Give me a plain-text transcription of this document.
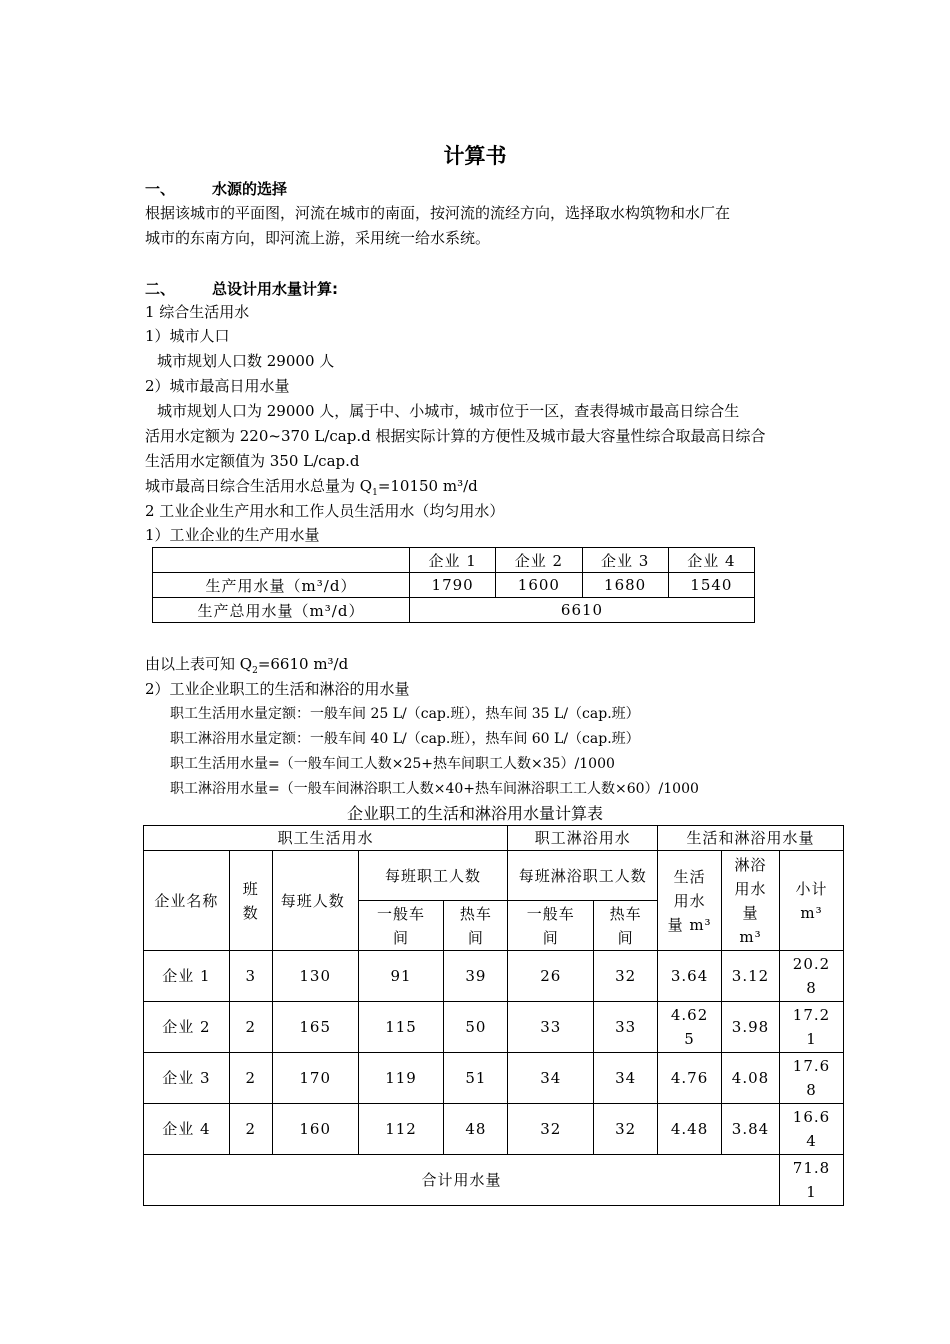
计算书
一、 水源的选择
根据该城市的平面图，河流在城市的南面，按河流的流经方向，选择取水构筑物和水厂在
城市的东南方向，即河流上游，采用统一给水系统。
二、 总设计用水量计算:
1 综合生活用水
1）城市人口
城市规划人口数 29000 人
2）城市最高日用水量
城市规划人口为 29000 人，属于中、小城市，城市位于一区，查表得城市最高日综合生
活用水定额为 220~370 L/cap.d 根据实际计算的方便性及城市最大容量性综合取最高日综合
生活用水定额值为 350 L/cap.d
城市最高日综合生活用水总量为 $Q_1=10150$ m³/d
2 工业企业生产用水和工作人员生活用水（均匀用水）
1）工业企业的生产用水量
	企业 1	企业 2	企业 3	企业 4
生产用水量（m³/d）	1790	1600	1680	1540
生产总用水量（m³/d）	6610			
由以上表可知 $Q_2=6610$ m³/d
2）工业企业职工的生活和淋浴的用水量
职工生活用水量定额：一般车间 25 L/（cap.班），热车间 35 L/（cap.班）
职工淋浴用水量定额：一般车间 40 L/（cap.班），热车间 60 L/（cap.班）
职工生活用水量=（一般车间工人数×25+热车间职工人数×35）/1000
职工淋浴用水量=（一般车间淋浴职工人数×40+热车间淋浴职工工人数×60）/1000
企业职工的生活和淋浴用水量计算表
职工生活用水					职工淋浴用水		生活和淋浴用水量		
企业名称	班数	每班人数	每班职工人数		每班淋浴职工人数		生活用水量 m³	淋浴用水量 m³	小计 m³
			一般车间	热车间	一般车间	热车间			
企业 1	3	130	91	39	26	32	3.64	3.12	20.28
企业 2	2	165	115	50	33	33	4.625	3.98	17.21
企业 3	2	170	119	51	34	34	4.76	4.08	17.68
企业 4	2	160	112	48	32	32	4.48	3.84	16.64
合计用水量									71.81
